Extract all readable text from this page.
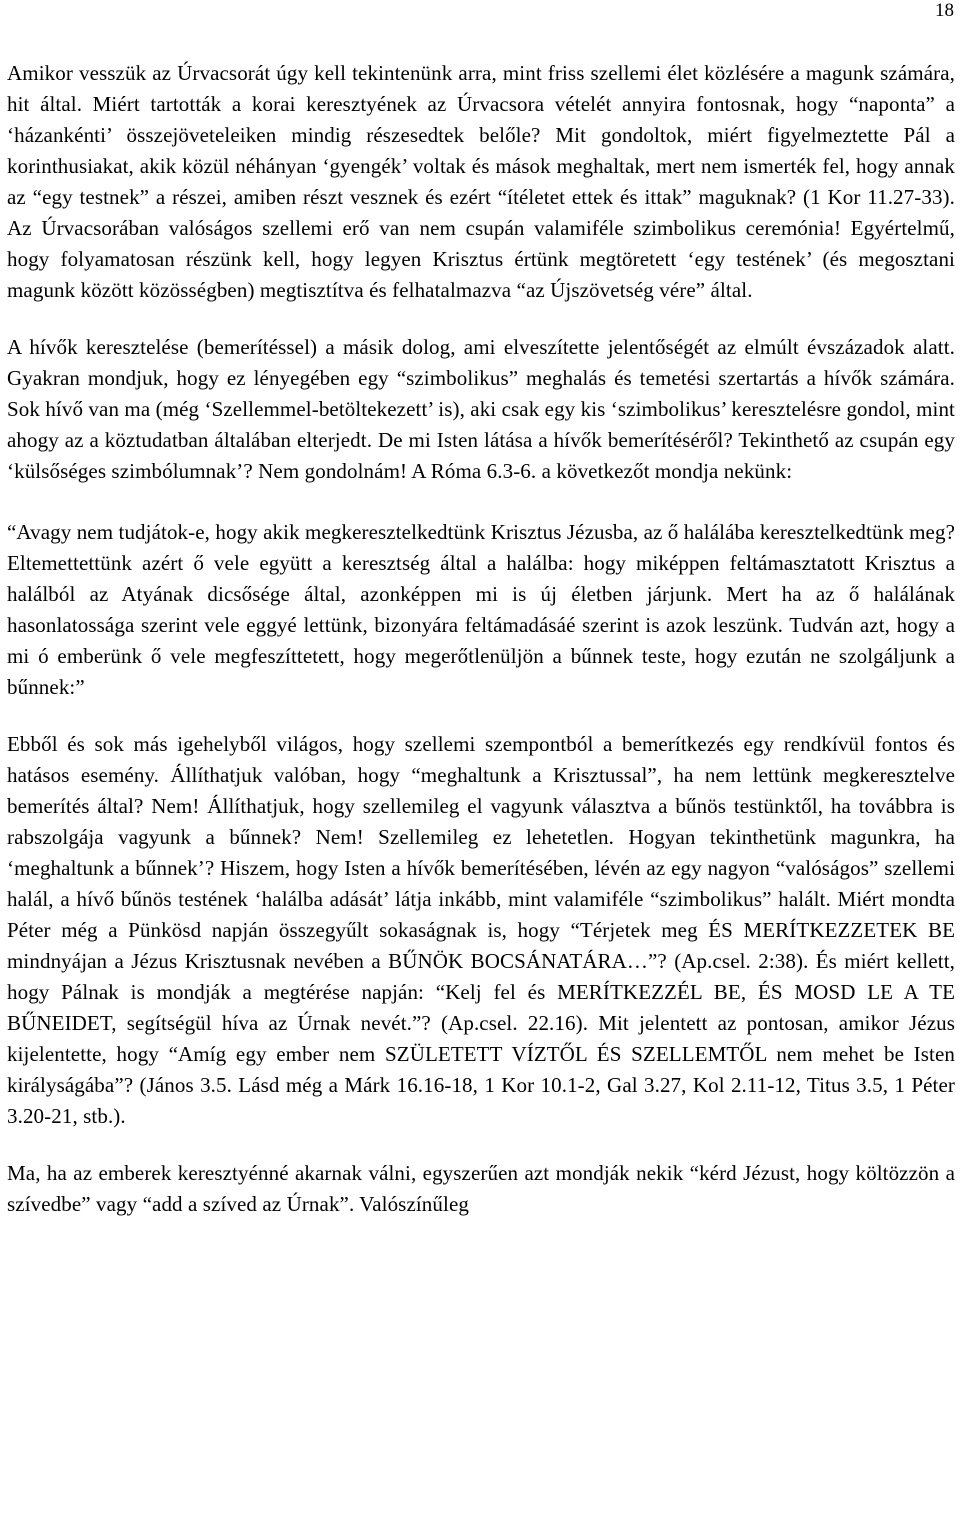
18

Amikor vesszük az Úrvacsorát úgy kell tekintenünk arra, mint friss szellemi élet közlésére a magunk számára, hit által. Miért tartották a korai keresztyének az Úrvacsora vételét annyira fontosnak, hogy “naponta” a ‘házankénti’ összejöveteleiken mindig részesedtek belőle? Mit gondoltok, miért figyelmeztette Pál a korinthusiakat, akik közül néhányan ‘gyengék’ voltak és mások meghaltak, mert nem ismerték fel, hogy annak az “egy testnek” a részei, amiben részt vesznek és ezért “ítéletet ettek és ittak” maguknak? (1 Kor 11.27-33). Az Úrvacsorában valóságos szellemi erő van nem csupán valamiféle szimbolikus ceremónia! Egyértelmű, hogy folyamatosan részünk kell, hogy legyen Krisztus értünk megtöretett ‘egy testének’ (és megosztani magunk között közösségben) megtisztítva és felhatalmazva “az Újszövetség vére” által.

A hívők keresztelése (bemerítéssel) a másik dolog, ami elveszítette jelentőségét az elmúlt évszázadok alatt. Gyakran mondjuk, hogy ez lényegében egy “szimbolikus” meghalás és temetési szertartás a hívők számára. Sok hívő van ma (még ‘Szellemmel-betöltekezett’ is), aki csak egy kis ‘szimbolikus’ keresztelésre gondol, mint ahogy az a köztudatban általában elterjedt. De mi Isten látása a hívők bemerítéséről? Tekinthető az csupán egy ‘külsőséges szimbólumnak’? Nem gondolnám! A Róma 6.3-6. a következőt mondja nekünk:

“Avagy nem tudjátok-e, hogy akik megkeresztelkedtünk Krisztus Jézusba, az ő halálába keresztelkedtünk meg? Eltemettettünk azért ő vele együtt a keresztség által a halálba: hogy miképpen feltámasztatott Krisztus a halálból az Atyának dicsősége által, azonképpen mi is új életben járjunk. Mert ha az ő halálának hasonlatossága szerint vele eggyé lettünk, bizonyára feltámadásáé szerint is azok leszünk. Tudván azt, hogy a mi ó emberünk ő vele megfeszíttetett, hogy megerőtlenüljön a bűnnek teste, hogy ezután ne szolgáljunk a bűnnek:”

Ebből és sok más igehelyből világos, hogy szellemi szempontból a bemerítkezés egy rendkívül fontos és hatásos esemény. Állíthatjuk valóban, hogy “meghaltunk a Krisztussal”, ha nem lettünk megkeresztelve bemerítés által? Nem! Állíthatjuk, hogy szellemileg el vagyunk választva a bűnös testünktől, ha továbbra is rabszolgája vagyunk a bűnnek? Nem! Szellemileg ez lehetetlen. Hogyan tekinthetünk magunkra, ha ‘meghaltunk a bűnnek’? Hiszem, hogy Isten a hívők bemerítésében, lévén az egy nagyon “valóságos” szellemi halál, a hívő bűnös testének ‘halálba adását’ látja inkább, mint valamiféle “szimbolikus” halált. Miért mondta Péter még a Pünkösd napján összegyűlt sokaságnak is, hogy “Térjetek meg ÉS MERÍTKEZZETEK BE mindnyájan a Jézus Krisztusnak nevében a BŰNÖK BOCSÁNATÁRA…”? (Ap.csel. 2:38). És miért kellett, hogy Pálnak is mondják a megtérése napján: “Kelj fel és MERÍTKEZZÉL BE, ÉS MOSD LE A TE BŰNEIDET, segítségül híva az Úrnak nevét.”? (Ap.csel. 22.16). Mit jelentett az pontosan, amikor Jézus kijelentette, hogy “Amíg egy ember nem SZÜLETETT VÍZTŐL ÉS SZELLEMTŐL nem mehet be Isten királyságába”? (János 3.5. Lásd még a Márk 16.16-18, 1 Kor 10.1-2, Gal 3.27, Kol 2.11-12, Titus 3.5, 1 Péter 3.20-21, stb.).

Ma, ha az emberek keresztyénné akarnak válni, egyszerűen azt mondják nekik “kérd Jézust, hogy költözzön a szívedbe” vagy “add a szíved az Úrnak”. Valószínűleg
